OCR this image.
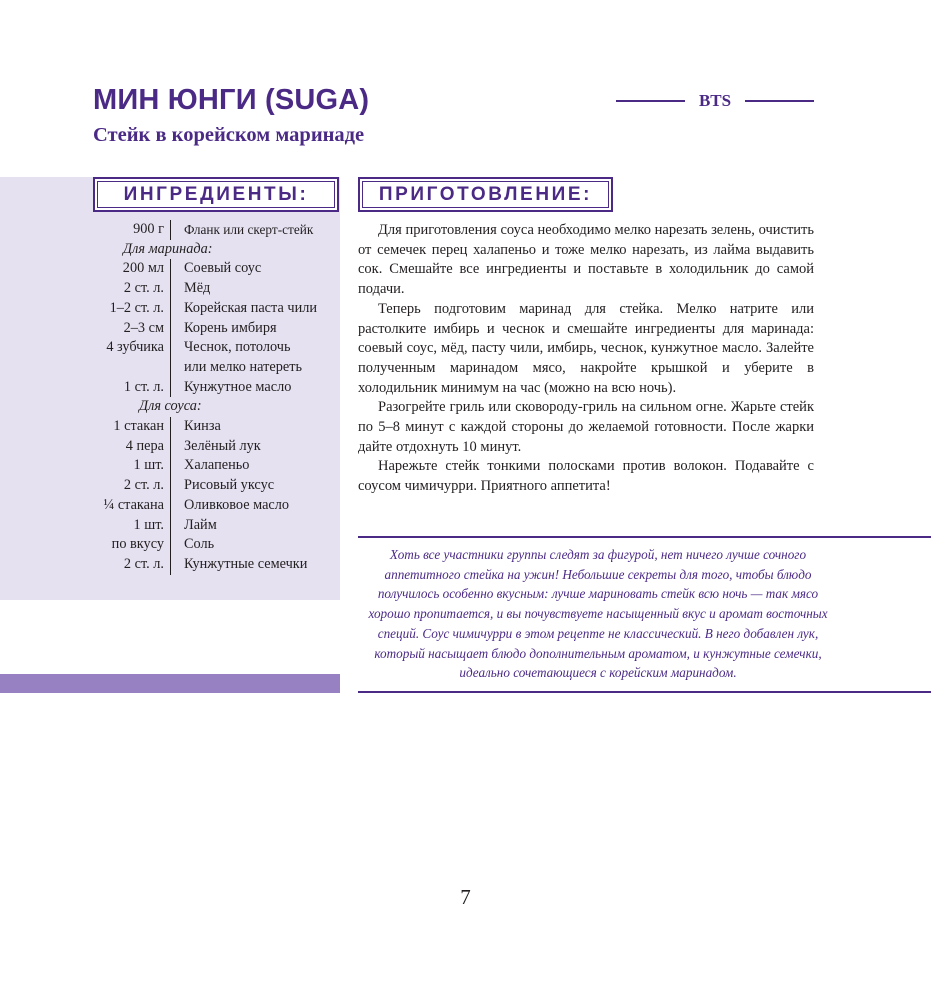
МИН ЮНГИ (SUGA)
Стейк в корейском маринаде
BTS
ИНГРЕДИЕНТЫ:
900 г	Фланк или скерт-стейк
Для маринада:
200 мл	Соевый соус
2 ст. л.	Мёд
1–2 ст. л.	Корейская паста чили
2–3 см	Корень имбиря
4 зубчика	Чеснок, потолочь
или мелко натереть
1 ст. л.	Кунжутное масло
Для соуса:
1 стакан	Кинза
4 пера	Зелёный лук
1 шт.	Халапеньо
2 ст. л.	Рисовый уксус
¼ стакана	Оливковое масло
1 шт.	Лайм
по вкусу	Соль
2 ст. л.	Кунжутные семечки
ПРИГОТОВЛЕНИЕ:

Для приготовления соуса необходимо мелко нарезать зелень, очистить от семечек перец халапеньо и тоже мелко нарезать, из лайма выдавить сок. Смешайте все ингредиенты и поставьте в холодильник до самой подачи.

Теперь подготовим маринад для стейка. Мелко натрите или растолките имбирь и чеснок и смешайте ингредиенты для маринада: соевый соус, мёд, пасту чили, имбирь, чеснок, кунжутное масло. Залейте полученным маринадом мясо, накройте крышкой и уберите в холодильник минимум на час (можно на всю ночь).

Разогрейте гриль или сковороду-гриль на сильном огне. Жарьте стейк по 5–8 минут с каждой стороны до желаемой готовности. После жарки дайте отдохнуть 10 минут.

Нарежьте стейк тонкими полосками против волокон. Подавайте с соусом чимичурри. Приятного аппетита!

Хоть все участники группы следят за фигурой, нет ничего лучше сочного аппетитного стейка на ужин! Небольшие секреты для того, чтобы блюдо получилось особенно вкусным: лучше мариновать стейк всю ночь — так мясо хорошо пропитается, и вы почувствуете насыщенный вкус и аромат восточных специй. Соус чимичурри в этом рецепте не классический. В него добавлен лук, который насыщает блюдо дополнительным ароматом, и кунжутные семечки, идеально сочетающиеся с корейским маринадом.
7
